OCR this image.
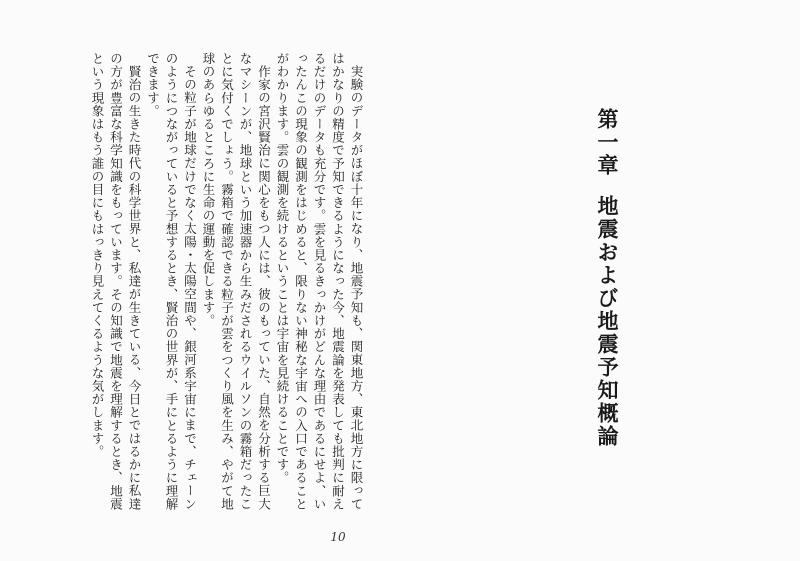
第一章地震および地震予知概論

実験のデータがほぼ十年になり、地震予知も、関東地方、東北地方に限ってはかなりの精度で予知できるようになった今、地震論を発表しても批判に耐えるだけのデータも充分です。雲を見るきっかけがどんな理由であるにせよ、いったんこの現象の観測をはじめると、限りない神秘な宇宙への入口であることがわかります。雲の観測を続けるということは宇宙を見続けることです。

作家の宮沢賢治に関心をもつ人には、彼のもっていた、自然を分析する巨大なマシーンが、地球という加速器から生みだされるウイルソンの霧箱だったことに気付くでしょう。霧箱で確認できる粒子が雲をつくり風を生み、やがて地球のあらゆるところに生命の運動を促します。

その粒子が地球だけでなく太陽・太陽空間や、銀河系宇宙にまで、チェーンのようにつながっていると予想するとき、賢治の世界が、手にとるように理解できます。

賢治の生きた時代の科学世界と、私達が生きている、今日とではるかに私達の方が豊富な科学知識をもっています。その知識で地震を理解するとき、地震という現象はもう誰の目にもはっきり見えてくるような気がします。

10
